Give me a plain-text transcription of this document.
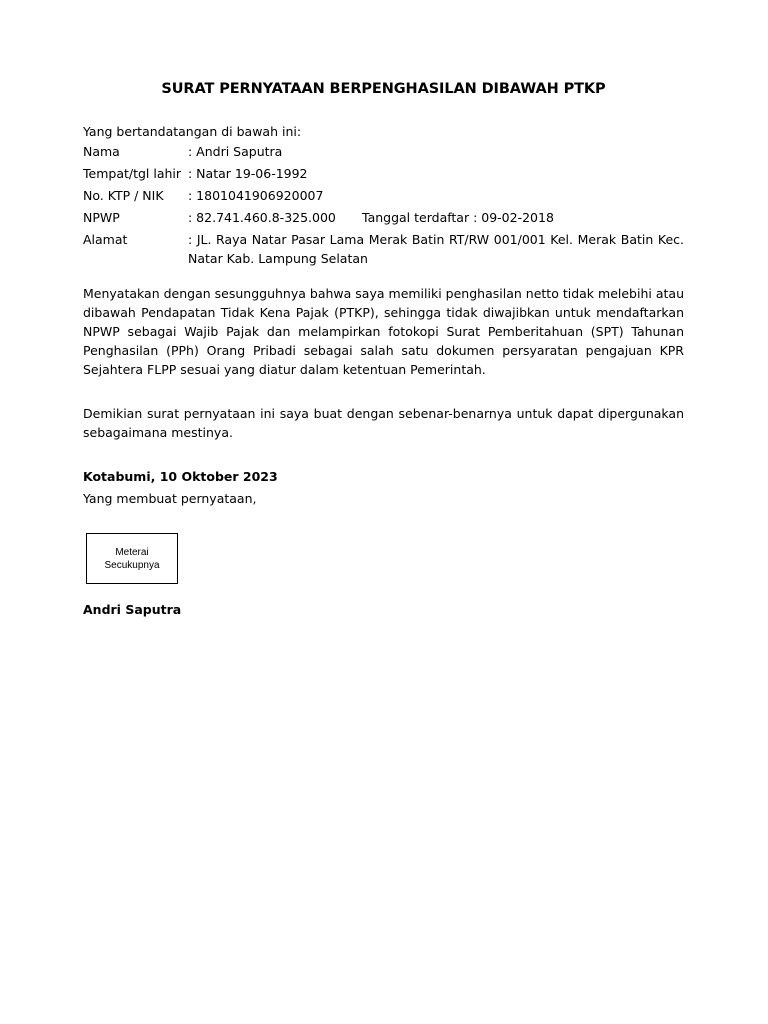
SURAT PERNYATAAN BERPENGHASILAN DIBAWAH PTKP

Yang bertandatangan di bawah ini:

Nama	: Andri Saputra
Tempat/tgl lahir : Natar 19-06-1992
No. KTP / NIK	: 1801041906920007
NPWP	: 82.741.460.8-325.000 Tanggal terdaftar : 09-02-2018
Alamat	: JL. Raya Natar Pasar Lama Merak Batin RT/RW 001/001 Kel. Merak Batin Kec. Natar Kab. Lampung Selatan

Menyatakan dengan sesungguhnya bahwa saya memiliki penghasilan netto tidak melebihi atau dibawah Pendapatan Tidak Kena Pajak (PTKP), sehingga tidak diwajibkan untuk mendaftarkan NPWP sebagai Wajib Pajak dan melampirkan fotokopi Surat Pemberitahuan (SPT) Tahunan Penghasilan (PPh) Orang Pribadi sebagai salah satu dokumen persyaratan pengajuan KPR Sejahtera FLPP sesuai yang diatur dalam ketentuan Pemerintah.

Demikian surat pernyataan ini saya buat dengan sebenar-benarnya untuk dapat dipergunakan sebagaimana mestinya.

Kotabumi, 10 Oktober 2023
Yang membuat pernyataan,
Meterai
Secukupnya
Andri Saputra
